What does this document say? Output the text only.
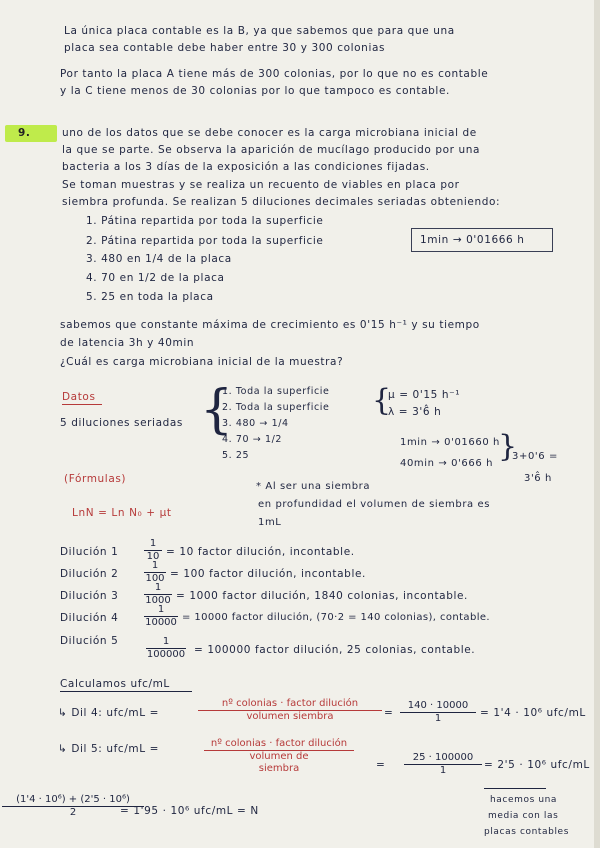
La única placa contable es la B, ya que sabemos que para que una
placa sea contable debe haber entre 30 y 300 colonias
Por tanto la placa A tiene más de 300 colonias, por lo que no es contable
y la C tiene menos de 30 colonias por lo que tampoco es contable.
9.	uno de los datos que se debe conocer es la carga microbiana inicial de
la que se parte. Se observa la aparición de mucílago producido por una
bacteria a los 3 días de la exposición a las condiciones fijadas.
Se toman muestras y se realiza un recuento de viables en placa por
siembra profunda. Se realizan 5 diluciones decimales seriadas obteniendo:
1. Pátina repartida por toda la superficie
2. Pátina repartida por toda la superficie
3. 480 en 1/4 de la placa
4. 70 en 1/2 de la placa
5. 25 en toda la placa
1min → 0'01666 h
sabemos que constante máxima de crecimiento es 0'15 h⁻¹ y su tiempo
de latencia 3h y 40min
¿Cuál es carga microbiana inicial de la muestra?
Datos
5 diluciones seriadas {
1. Toda la superficie
2. Toda la superficie
3. 480 → 1/4
4. 70 → 1/2
5. 25
{
μ = 0'15 h⁻¹
λ = 3'6̂ h
1min → 0'01660 h
40min → 0'666 h {
3+0'6 =
3'6̂ h
(Fórmulas)
LnN = Ln N₀ + μt
* Al ser una siembra
en profundidad el volumen de siembra es
1mL
Dilución 1	$\frac{1}{10} = 10$ factor dilución, incontable.
Dilución 2	$\frac{1}{100} = 100$ factor dilución, incontable.
Dilución 3	$\frac{1}{1000} = 1000$ factor dilución, 1840 colonias, incontable.
Dilución 4	$\frac{1}{10000} = 10000$ factor dilución, (70·2 = 140 colonias), contable.
Dilución 5	$\frac{1}{100000} = 100000$ factor dilución, 25 colonias, contable.
Calculamos ufc/mL
↳ Dil 4: ufc/mL =
nº colonias · factor dilución
volumen siembra	= $\frac{140 \cdot 10000}{1} = 1'4 \cdot 10^6$ ufc/mL
↳ Dil 5: ufc/mL =	nº colonias · factor dilución
volumen de
siembra	= $\frac{25 \cdot 100000}{1} = 2'5 \cdot 10^6$ ufc/mL
$\frac{\text{(1'4 · 10⁶) + (2'5 · 10⁶)}}{2}$
= 1'95 · 10⁶ ufc/mL = N
hacemos una
media con las
placas contables
